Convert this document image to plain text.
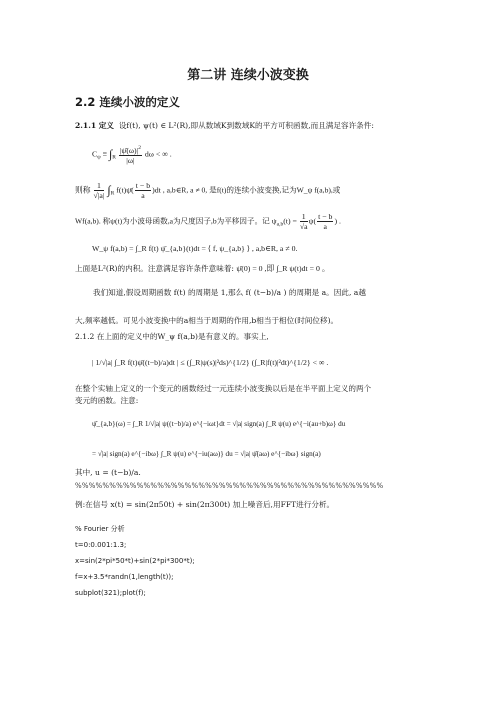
第二讲 连续小波变换
2.2 连续小波的定义
2.1.1 定义 设f(t), ψ(t) ∈ L²(R),即从数域K到数域K的平方可积函数,而且满足容许条件:
$C_\psi \equiv \int_R \frac{|\psî(\omega)|^2}{|\omega|}$ dω < ∞ .
则称 $\frac{1}{√|a|} \int_R$ f(t)ψ̄( $\frac{t - b}{a} )dt$ , a,b∈R, a ≠ 0, 是f(t)的连续小波变换,记为W_ψ f(a,b),或
Wf(a,b). 称ψ(t)为小波母函数,a为尺度因子,b为平移因子。记 $\psi_{a,b}(t) = \frac{1}{√a} \psi( \frac{t - b}{a}$ ) .
W_ψ f(a,b) = ∫_R f(t) ψ̄_{a,b}(t)dt = ⟨ f, ψ_{a,b} ⟩ , a,b∈R, a ≠ 0.
上面是L²(R)的内积。注意满足容许条件意味着: ψ̂(0) = 0 ,即 ∫_R ψ(t)dt = 0 。
我们知道,假设周期函数 f(t) 的周期是 1,那么 f( (t−b)/a ) 的周期是 a。因此, a越
大,频率越低。可见小波变换中的a相当于周期的作用,b相当于相位(时间位移)。
2.1.2 在上面的定义中的W_ψ f(a,b)是有意义的。事实上,
| 1/√|a| ∫_R f(t)ψ̄((t−b)/a)dt | ≤ (∫_R|ψ(s)|²ds)^{1/2} (∫_R|f(t)|²dt)^{1/2} < ∞ .
在整个实轴上定义的一个变元的函数经过一元连续小波变换以后是在半平面上定义的两个
变元的函数。注意:
ψ̂_{a,b}(ω) = ∫_R 1/√|a| ψ((t−b)/a) e^{−iωt}dt = √|a| sign(a) ∫_R ψ(u) e^{−i(au+b)ω} du
= √|a| sign(a) e^{−ibω} ∫_R ψ(u) e^{−iu(aω)} du = √|a| ψ̂(aω) e^{−ibω} sign(a)
其中, u = (t−b)/a.
%%%%%%%%%%%%%%%%%%%%%%%%%%%%%%%%%%%%%%%%%%%%%
例:在信号 x(t) = sin(2π50t) + sin(2π300t) 加上噪音后,用FFT进行分析。
% Fourier 分析
t=0:0.001:1.3;
x=sin(2*pi*50*t)+sin(2*pi*300*t);
f=x+3.5*randn(1,length(t));
subplot(321);plot(f);
